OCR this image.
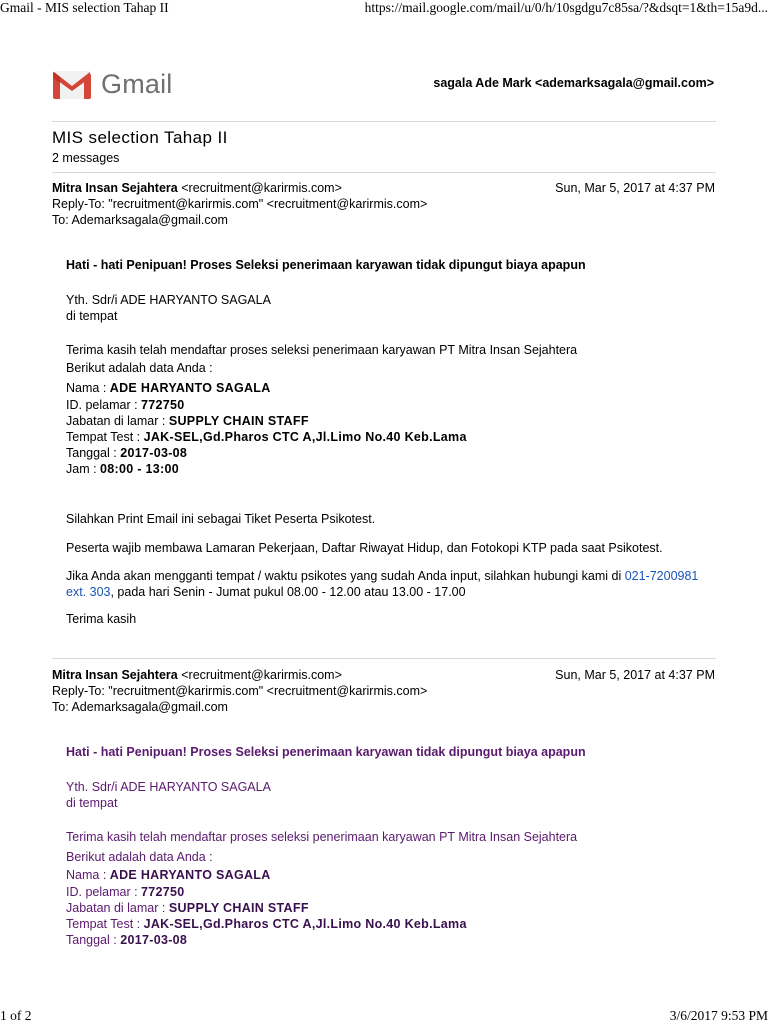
Gmail - MIS selection Tahap II	https://mail.google.com/mail/u/0/h/10sgdgu7c85sa/?&dsqt=1&th=15a9d...
Gmail	sagala Ade Mark <ademarksagala@gmail.com>
MIS selection Tahap II
2 messages
Mitra Insan Sejahtera <recruitment@karirmis.com>	Sun, Mar 5, 2017 at 4:37 PM
Reply-To: "recruitment@karirmis.com" <recruitment@karirmis.com>
To: Ademarksagala@gmail.com
Hati - hati Penipuan! Proses Seleksi penerimaan karyawan tidak dipungut biaya apapun
Yth. Sdr/i ADE HARYANTO SAGALA
di tempat
Terima kasih telah mendaftar proses seleksi penerimaan karyawan PT Mitra Insan Sejahtera
Berikut adalah data Anda :
Nama : ADE HARYANTO SAGALA
ID. pelamar : 772750
Jabatan di lamar : SUPPLY CHAIN STAFF
Tempat Test : JAK-SEL,Gd.Pharos CTC A,Jl.Limo No.40 Keb.Lama
Tanggal : 2017-03-08
Jam : 08:00 - 13:00
Silahkan Print Email ini sebagai Tiket Peserta Psikotest.
Peserta wajib membawa Lamaran Pekerjaan, Daftar Riwayat Hidup, dan Fotokopi KTP pada saat Psikotest.
Jika Anda akan mengganti tempat / waktu psikotes yang sudah Anda input, silahkan hubungi kami di 021-7200981
ext. 303, pada hari Senin - Jumat pukul 08.00 - 12.00 atau 13.00 - 17.00
Terima kasih
Mitra Insan Sejahtera <recruitment@karirmis.com>	Sun, Mar 5, 2017 at 4:37 PM
Reply-To: "recruitment@karirmis.com" <recruitment@karirmis.com>
To: Ademarksagala@gmail.com
Hati - hati Penipuan! Proses Seleksi penerimaan karyawan tidak dipungut biaya apapun
Yth. Sdr/i ADE HARYANTO SAGALA
di tempat
Terima kasih telah mendaftar proses seleksi penerimaan karyawan PT Mitra Insan Sejahtera
Berikut adalah data Anda :
Nama : ADE HARYANTO SAGALA
ID. pelamar : 772750
Jabatan di lamar : SUPPLY CHAIN STAFF
Tempat Test : JAK-SEL,Gd.Pharos CTC A,Jl.Limo No.40 Keb.Lama
Tanggal : 2017-03-08
1 of 2	3/6/2017 9:53 PM
